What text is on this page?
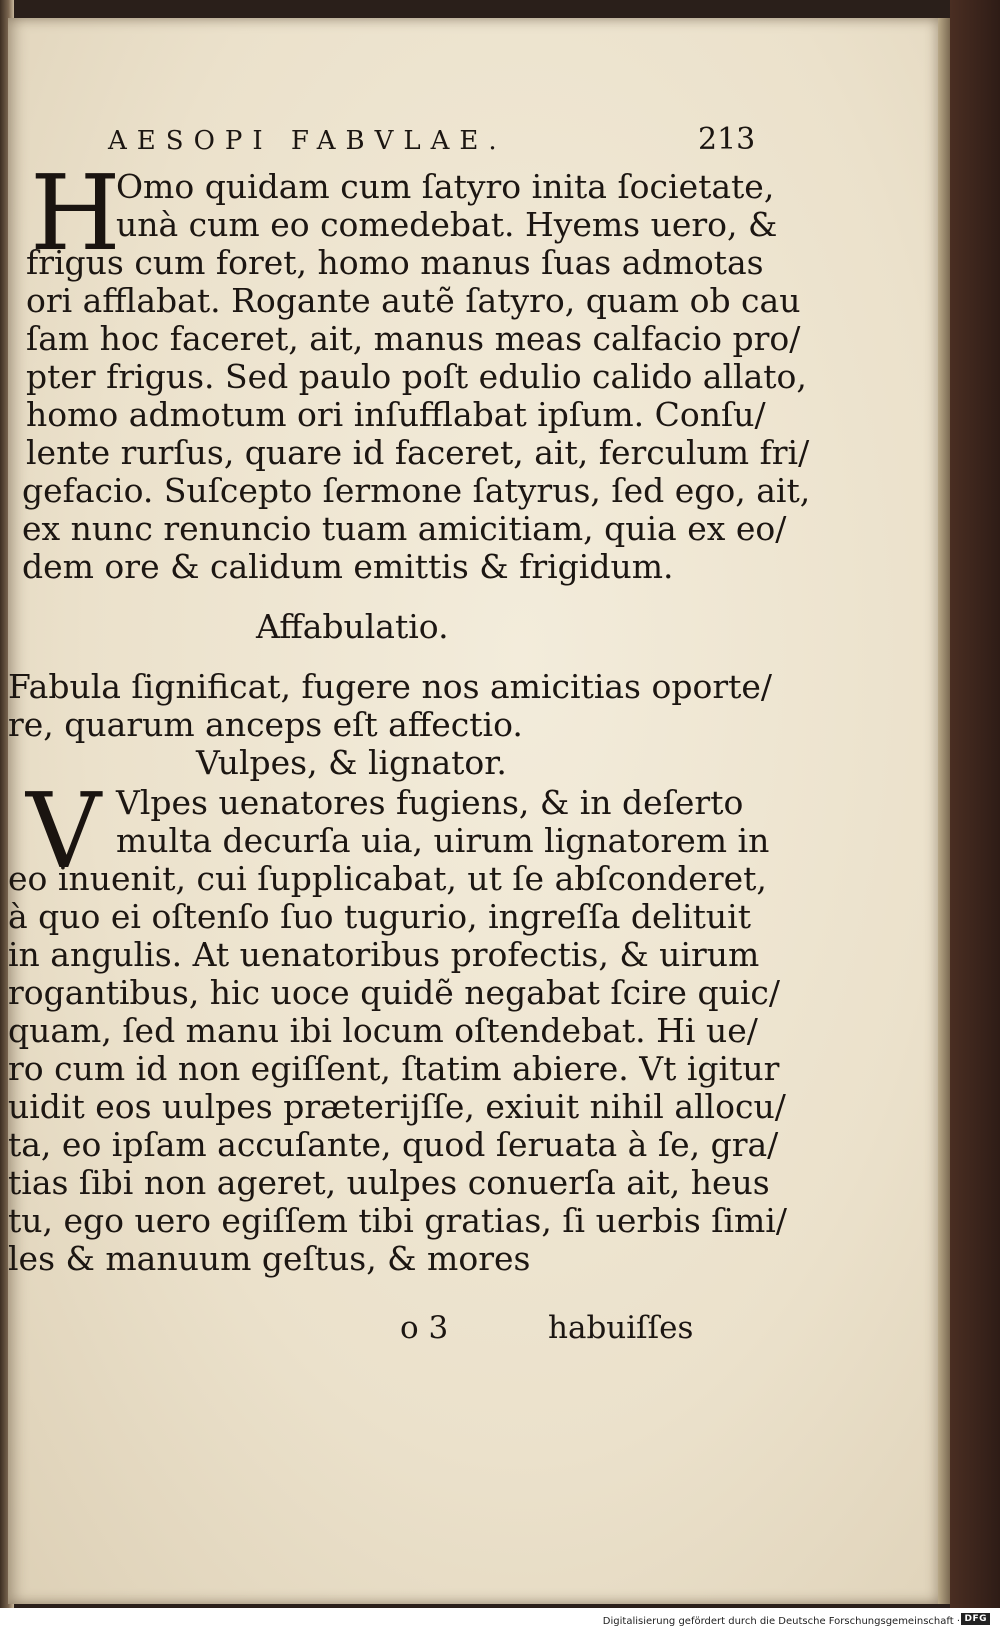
AESOPI FABVLAE.	213
H
Omo quidam cum ſatyro inita ſocietate,
unà cum eo comedebat. Hyems uero, &
frigus cum foret, homo manus ſuas admotas
ori afflabat. Rogante autẽ ſatyro, quam ob cau
ſam hoc faceret, ait, manus meas calfacio pro/
pter frigus. Sed paulo poſt edulio calido allato,
homo admotum ori inſufflabat ipſum. Conſu/
lente rurſus, quare id faceret, ait, ferculum fri/
gefacio. Suſcepto ſermone ſatyrus, ſed ego, ait,
ex nunc renuncio tuam amicitiam, quia ex eo/
dem ore & calidum emittis & frigidum.
Affabulatio.
Fabula ſignificat, fugere nos amicitias oporte/
re, quarum anceps eſt affectio.
Vulpes, & lignator.
V Vlpes uenatores fugiens, & in deſerto
multa decurſa uia, uirum lignatorem in
eo inuenit, cui ſupplicabat, ut ſe abſconderet,
à quo ei oſtenſo ſuo tugurio, ingreſſa delituit
in angulis. At uenatoribus profectis, & uirum
rogantibus, hic uoce quidẽ negabat ſcire quic/
quam, ſed manu ibi locum oſtendebat. Hi ue/
ro cum id non egiſſent, ſtatim abiere. Vt igitur
uidit eos uulpes præterijſſe, exiuit nihil allocu/
ta, eo ipſam accuſante, quod ſeruata à ſe, gra/
tias ſibi non ageret, uulpes conuerſa ait, heus
tu, ego uero egiſſem tibi gratias, ſi uerbis ſimi/
les & manuum geſtus, & mores
o 3	habuiſſes
Digitalisierung gefördert durch die Deutsche Forschungsgemeinschaft · DFG
